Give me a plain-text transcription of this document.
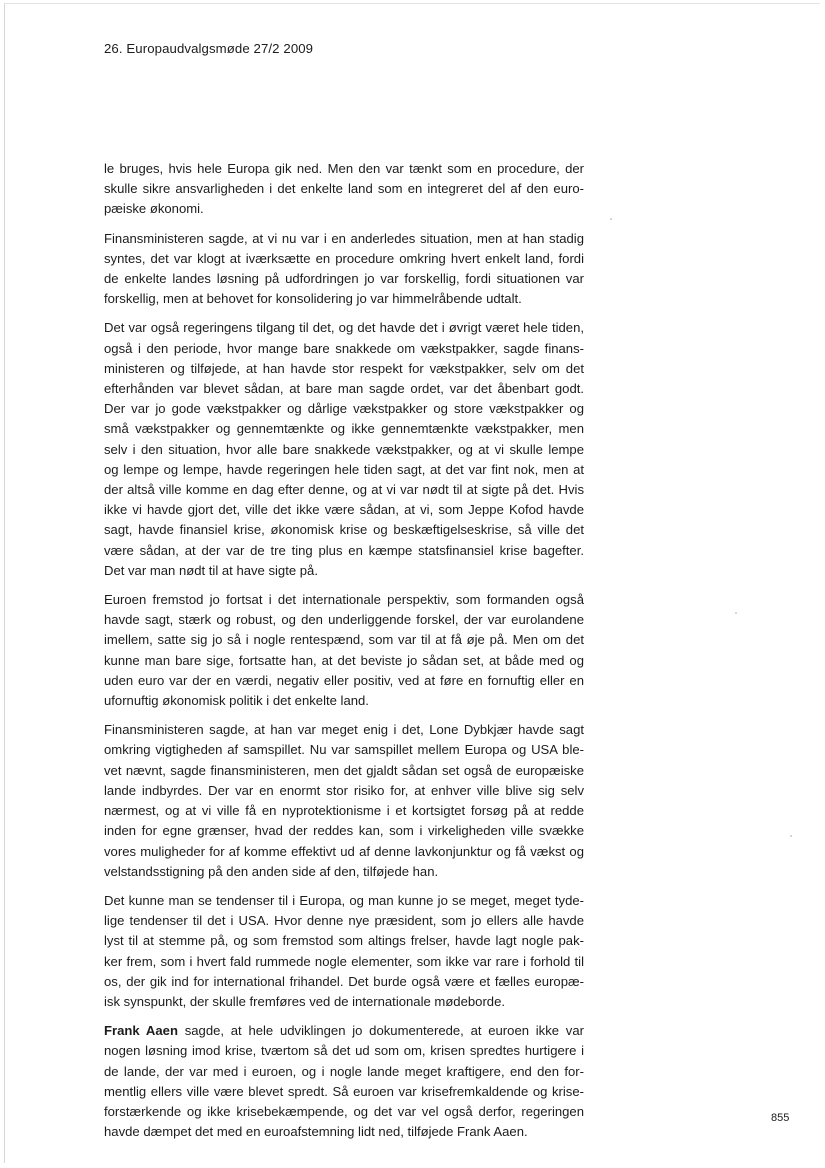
26. Europaudvalgsmøde 27/2 2009

le bruges, hvis hele Europa gik ned. Men den var tænkt som en procedure, der
skulle sikre ansvarligheden i det enkelte land som en integreret del af den euro-
pæiske økonomi.

Finansministeren sagde, at vi nu var i en anderledes situation, men at han stadig
syntes, det var klogt at iværksætte en procedure omkring hvert enkelt land, fordi
de enkelte landes løsning på udfordringen jo var forskellig, fordi situationen var
forskellig, men at behovet for konsolidering jo var himmelråbende udtalt.

Det var også regeringens tilgang til det, og det havde det i øvrigt været hele tiden,
også i den periode, hvor mange bare snakkede om vækstpakker, sagde finans-
ministeren og tilføjede, at han havde stor respekt for vækstpakker, selv om det
efterhånden var blevet sådan, at bare man sagde ordet, var det åbenbart godt.
Der var jo gode vækstpakker og dårlige vækstpakker og store vækstpakker og
små vækstpakker og gennemtænkte og ikke gennemtænkte vækstpakker, men
selv i den situation, hvor alle bare snakkede vækstpakker, og at vi skulle lempe
og lempe og lempe, havde regeringen hele tiden sagt, at det var fint nok, men at
der altså ville komme en dag efter denne, og at vi var nødt til at sigte på det. Hvis
ikke vi havde gjort det, ville det ikke være sådan, at vi, som Jeppe Kofod havde
sagt, havde finansiel krise, økonomisk krise og beskæftigelseskrise, så ville det
være sådan, at der var de tre ting plus en kæmpe statsfinansiel krise bagefter.
Det var man nødt til at have sigte på.

Euroen fremstod jo fortsat i det internationale perspektiv, som formanden også
havde sagt, stærk og robust, og den underliggende forskel, der var eurolandene
imellem, satte sig jo så i nogle rentespænd, som var til at få øje på. Men om det
kunne man bare sige, fortsatte han, at det beviste jo sådan set, at både med og
uden euro var der en værdi, negativ eller positiv, ved at føre en fornuftig eller en
ufornuftig økonomisk politik i det enkelte land.

Finansministeren sagde, at han var meget enig i det, Lone Dybkjær havde sagt
omkring vigtigheden af samspillet. Nu var samspillet mellem Europa og USA ble-
vet nævnt, sagde finansministeren, men det gjaldt sådan set også de europæiske
lande indbyrdes. Der var en enormt stor risiko for, at enhver ville blive sig selv
nærmest, og at vi ville få en nyprotektionisme i et kortsigtet forsøg på at redde
inden for egne grænser, hvad der reddes kan, som i virkeligheden ville svække
vores muligheder for af komme effektivt ud af denne lavkonjunktur og få vækst og
velstandsstigning på den anden side af den, tilføjede han.

Det kunne man se tendenser til i Europa, og man kunne jo se meget, meget tyde-
lige tendenser til det i USA. Hvor denne nye præsident, som jo ellers alle havde
lyst til at stemme på, og som fremstod som altings frelser, havde lagt nogle pak-
ker frem, som i hvert fald rummede nogle elementer, som ikke var rare i forhold til
os, der gik ind for international frihandel. Det burde også være et fælles europæ-
isk synspunkt, der skulle fremføres ved de internationale mødeborde.

Frank Aaen sagde, at hele udviklingen jo dokumenterede, at euroen ikke var
nogen løsning imod krise, tværtom så det ud som om, krisen spredtes hurtigere i
de lande, der var med i euroen, og i nogle lande meget kraftigere, end den for-
mentlig ellers ville være blevet spredt. Så euroen var krisefremkaldende og krise-
forstærkende og ikke krisebekæmpende, og det var vel også derfor, regeringen
havde dæmpet det med en euroafstemning lidt ned, tilføjede Frank Aaen.

855
